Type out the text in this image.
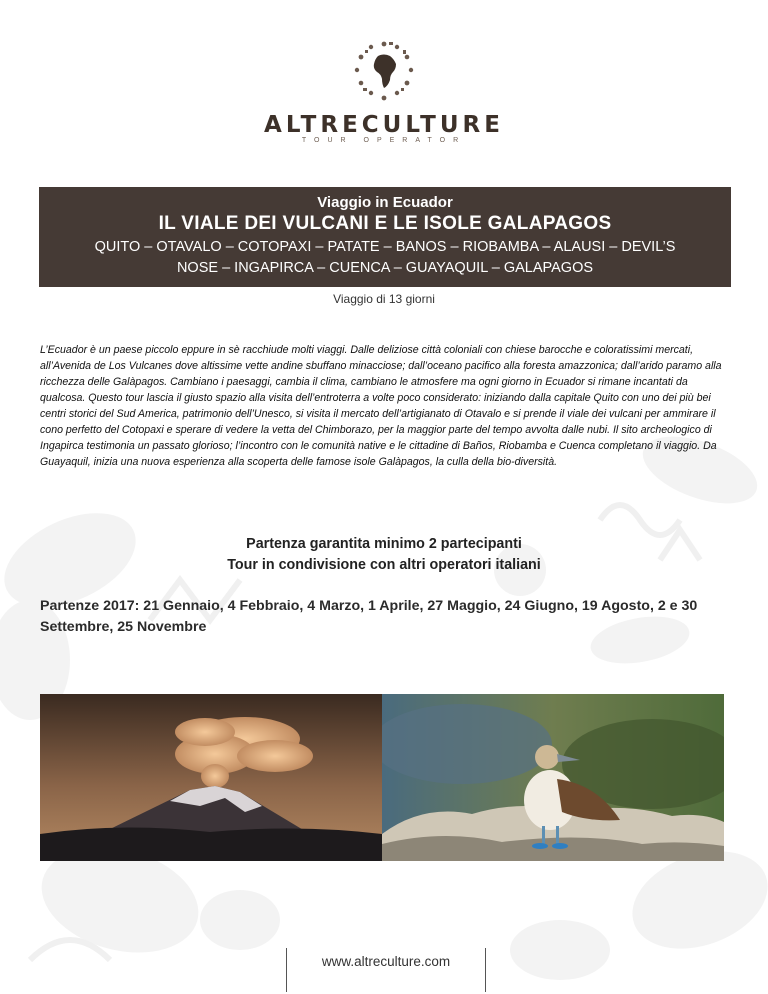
ALTRECULTURE
TOUR OPERATOR
Viaggio in Ecuador
IL VIALE DEI VULCANI E LE ISOLE GALAPAGOS
QUITO – OTAVALO – COTOPAXI – PATATE – BANOS – RIOBAMBA – ALAUSI – DEVIL’S
NOSE – INGAPIRCA – CUENCA – GUAYAQUIL – GALAPAGOS
Viaggio di 13 giorni

L’Ecuador è un paese piccolo eppure in sè racchiude molti viaggi. Dalle deliziose città coloniali con chiese barocche e coloratissimi mercati, all’Avenida de Los Vulcanes dove altissime vette andine sbuffano minacciose; dall’oceano pacifico alla foresta amazzonica; dall’arido paramo alla ricchezza delle Galàpagos. Cambiano i paesaggi, cambia il clima, cambiano le atmosfere ma ogni giorno in Ecuador si rimane incantati da qualcosa. Questo tour lascia il giusto spazio alla visita dell’entroterra a volte poco considerato: iniziando dalla capitale Quito con uno dei più bei centri storici del Sud America, patrimonio dell’Unesco, si visita il mercato dell’artigianato di Otavalo e si prende il viale dei vulcani per ammirare il cono perfetto del Cotopaxi e sperare di vedere la vetta del Chimborazo, per la maggior parte del tempo avvolta dalle nubi. Il sito archeologico di Ingapirca testimonia un passato glorioso; l’incontro con le comunità native e le cittadine di Baños, Riobamba e Cuenca completano il viaggio. Da Guayaquil, inizia una nuova esperienza alla scoperta delle famose isole Galàpagos, la culla della bio-diversità.

Partenza garantita minimo 2 partecipanti
Tour in condivisione con altri operatori italiani
Partenze 2017: 21 Gennaio, 4 Febbraio, 4 Marzo, 1 Aprile, 27 Maggio, 24 Giugno, 19 Agosto, 2 e 30 Settembre, 25 Novembre
www.altreculture.com
